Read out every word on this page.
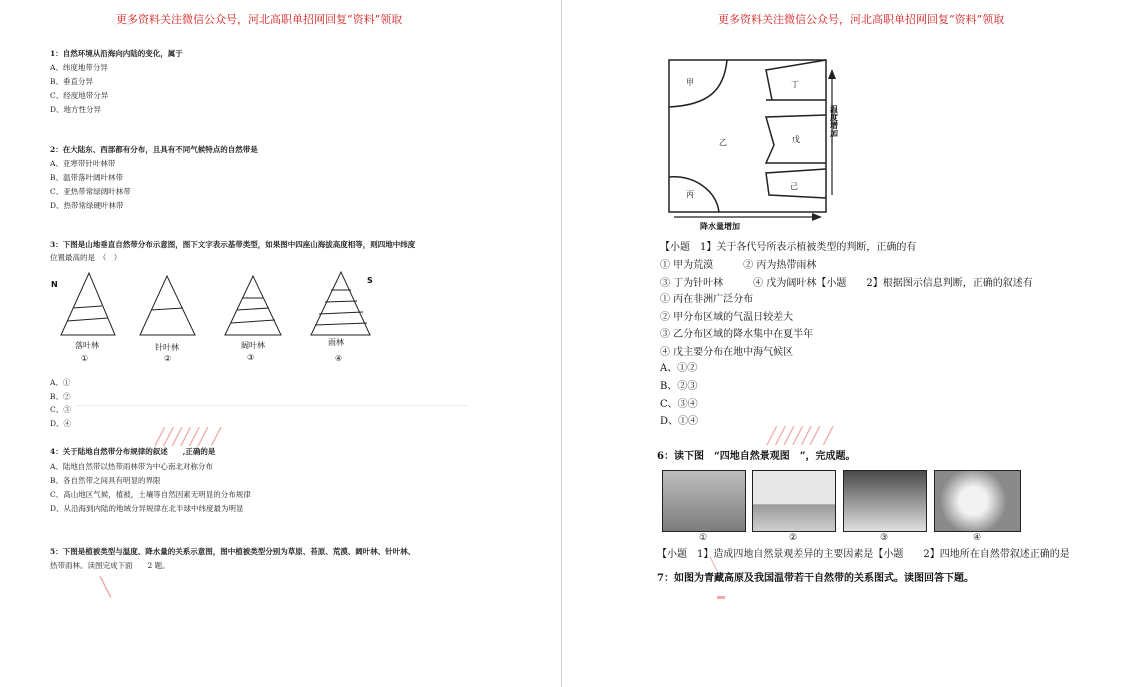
更多资料关注微信公众号，河北高职单招网回复“资料”领取
1：自然环境从沿海向内陆的变化，属于
A、纬度地带分异
B、垂直分异
C、经度地带分异
D、地方性分异
2：在大陆东、西部都有分布，且具有不同气候特点的自然带是
A、亚寒带针叶林带
B、温带落叶阔叶林带
C、亚热带常绿阔叶林带
D、热带常绿硬叶林带
3：下图是山地垂直自然带分布示意图，图下文字表示基带类型，如果图中四座山海拔高度相等，则四地中纬度
位置最高的是　（　）
N	S
落叶林
①
针叶林
②
阔叶林
③
雨林
④
A、①
B、②
C、③
D、④
╱╱╱╱╱╱ ╱
4：关于陆地自然带分布规律的叙述　　,正确的是
A、陆地自然带以热带雨林带为中心南北对称分布
B、各自然带之间具有明显的界限
C、高山地区气候，植被，土壤等自然因素无明显的分布规律
D、从沿海到内陆的地域分异规律在北半球中纬度最为明显
5：下图是植被类型与温度、降水量的关系示意图，图中植被类型分别为草原、苔原、荒漠、阔叶林、针叶林、
热带雨林。读图完成下面　　2 题。
╲
更多资料关注微信公众号，河北高职单招网回复“资料”领取
甲
乙
丙
丁
戊
己
温度增加
降水量增加
【小题　1】关于各代号所表示植被类型的判断，正确的有
① 甲为荒漠　　　② 丙为热带雨林
③ 丁为针叶林　　　④ 戊为阔叶林【小题　　2】根据图示信息判断，正确的叙述有
① 丙在非洲广泛分布
② 甲分布区域的气温日较差大
③ 乙分布区域的降水集中在夏半年
④ 戊主要分布在地中海气候区
A、①②
B、②③
C、③④
D、①④
╱╱╱╱╱╱ ╱
6：读下图　“四地自然景观图　”，完成题。
①	②	③	④
【小题　1】造成四地自然景观差异的主要因素是【小题　　2】四地所在自然带叙述正确的是
╲
7：如图为青藏高原及我国温带若干自然带的关系图式。读图回答下题。
